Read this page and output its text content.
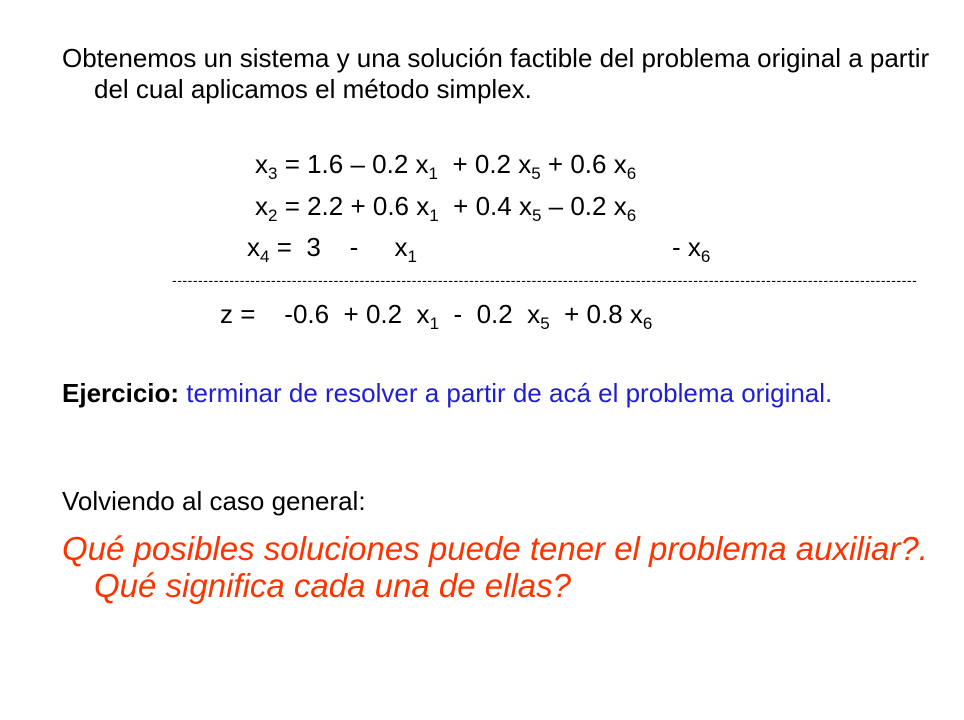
Obtenemos un sistema y una solución factible del problema original a partir del cual aplicamos el método simplex.

$x_3 = 1.6 - 0.2$ $x_1 + 0.2$ $x_5 + 0.6$ $x_6$
$x_2 = 2.2 + 0.6$ $x_1 + 0.4$ $x_5 - 0.2$ $x_6$
$x_4 = 3$    -     $x_1$	- $x_6$
-----------------------------------------------------------------------------------------------------------------------------------------------
z =    -0.6  + 0.2  $x_1 - 0.2$  $x_5 + 0.8$ $x_6$

Ejercicio: terminar de resolver a partir de acá el problema original.

Volviendo al caso general:

Qué posibles soluciones puede tener el problema auxiliar?. Qué significa cada una de ellas?
